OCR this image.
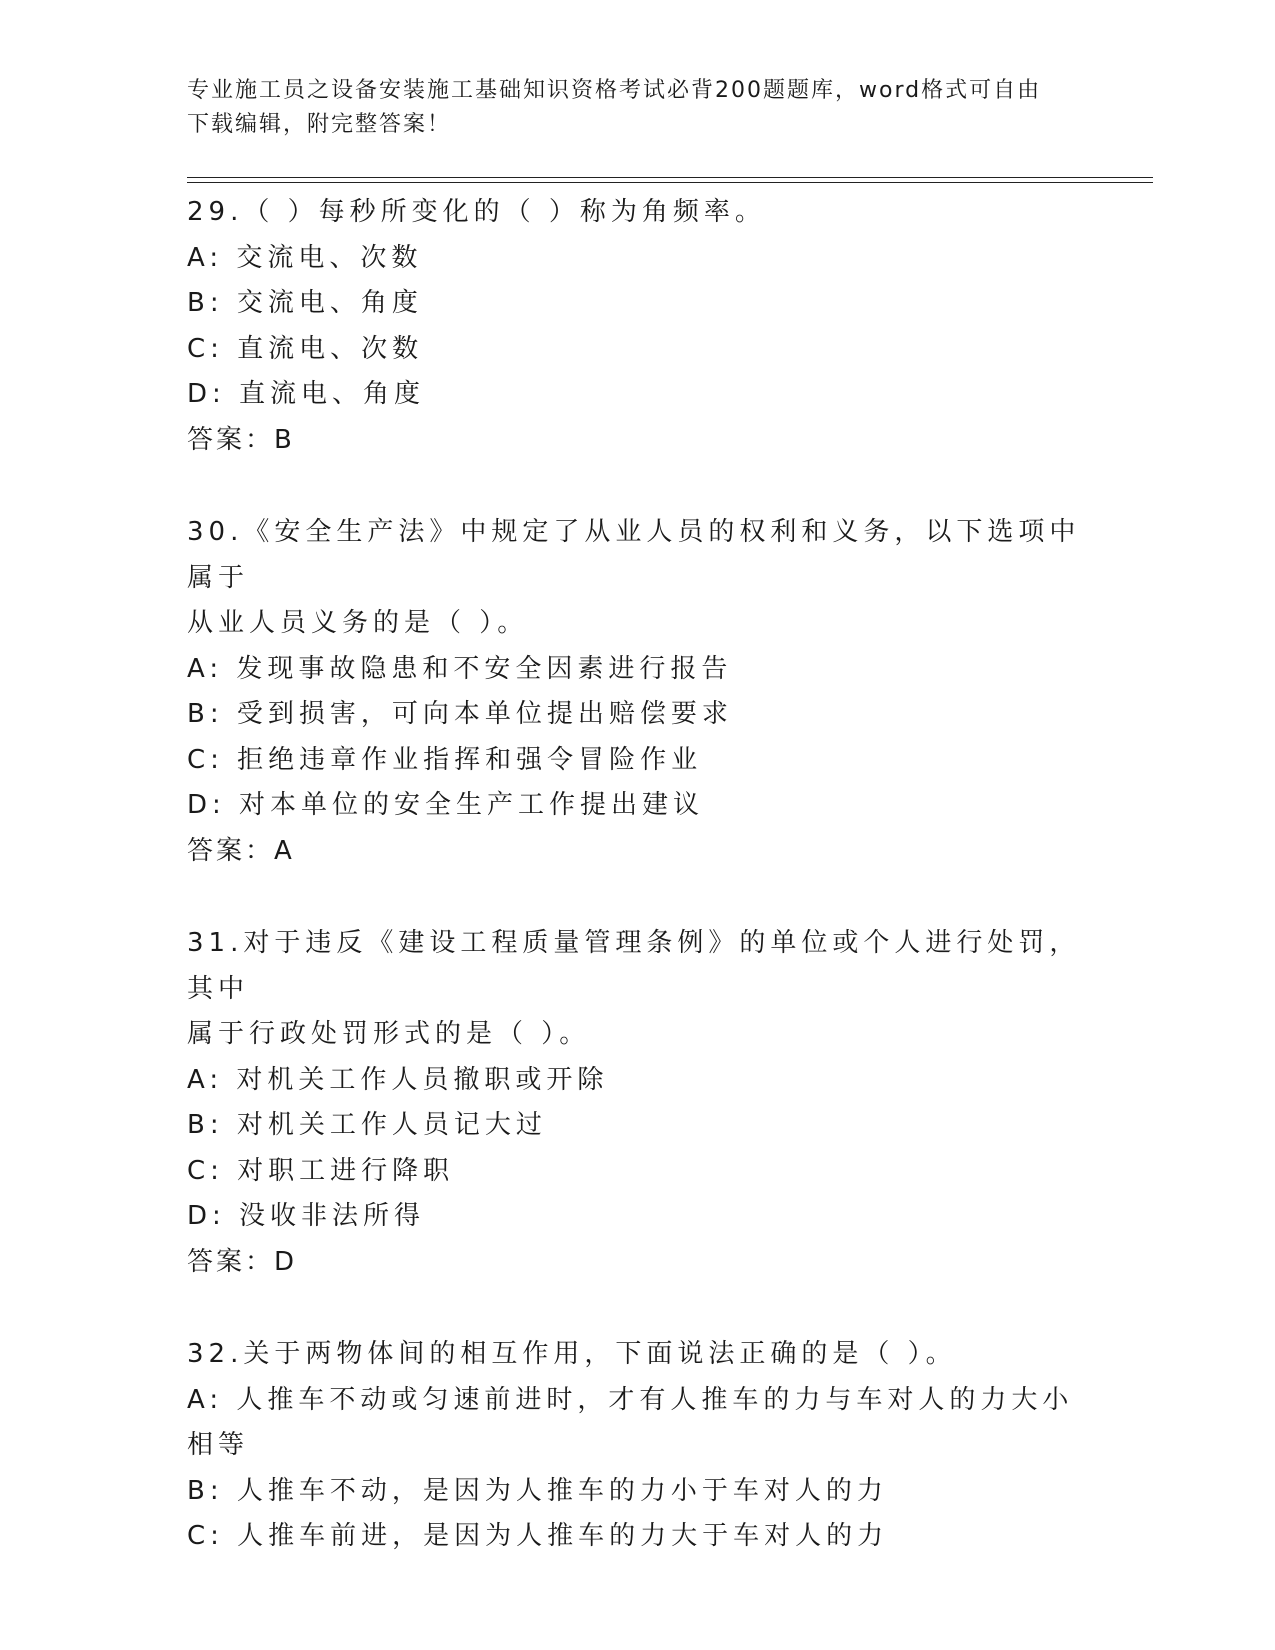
专业施工员之设备安装施工基础知识资格考试必背200题题库，word格式可自由
下载编辑，附完整答案！

29.（ ）每秒所变化的（ ）称为角频率。

A: 交流电、次数

B: 交流电、角度

C: 直流电、次数

D: 直流电、角度

答案：B

30.《安全生产法》中规定了从业人员的权利和义务，以下选项中属于

从业人员义务的是（ ）。

A: 发现事故隐患和不安全因素进行报告

B: 受到损害，可向本单位提出赔偿要求

C: 拒绝违章作业指挥和强令冒险作业

D: 对本单位的安全生产工作提出建议

答案：A

31.对于违反《建设工程质量管理条例》的单位或个人进行处罚，其中

属于行政处罚形式的是（ ）。

A: 对机关工作人员撤职或开除

B: 对机关工作人员记大过

C: 对职工进行降职

D: 没收非法所得

答案：D

32.关于两物体间的相互作用，下面说法正确的是（ ）。

A: 人推车不动或匀速前进时，才有人推车的力与车对人的力大小相等

B: 人推车不动，是因为人推车的力小于车对人的力

C: 人推车前进，是因为人推车的力大于车对人的力
